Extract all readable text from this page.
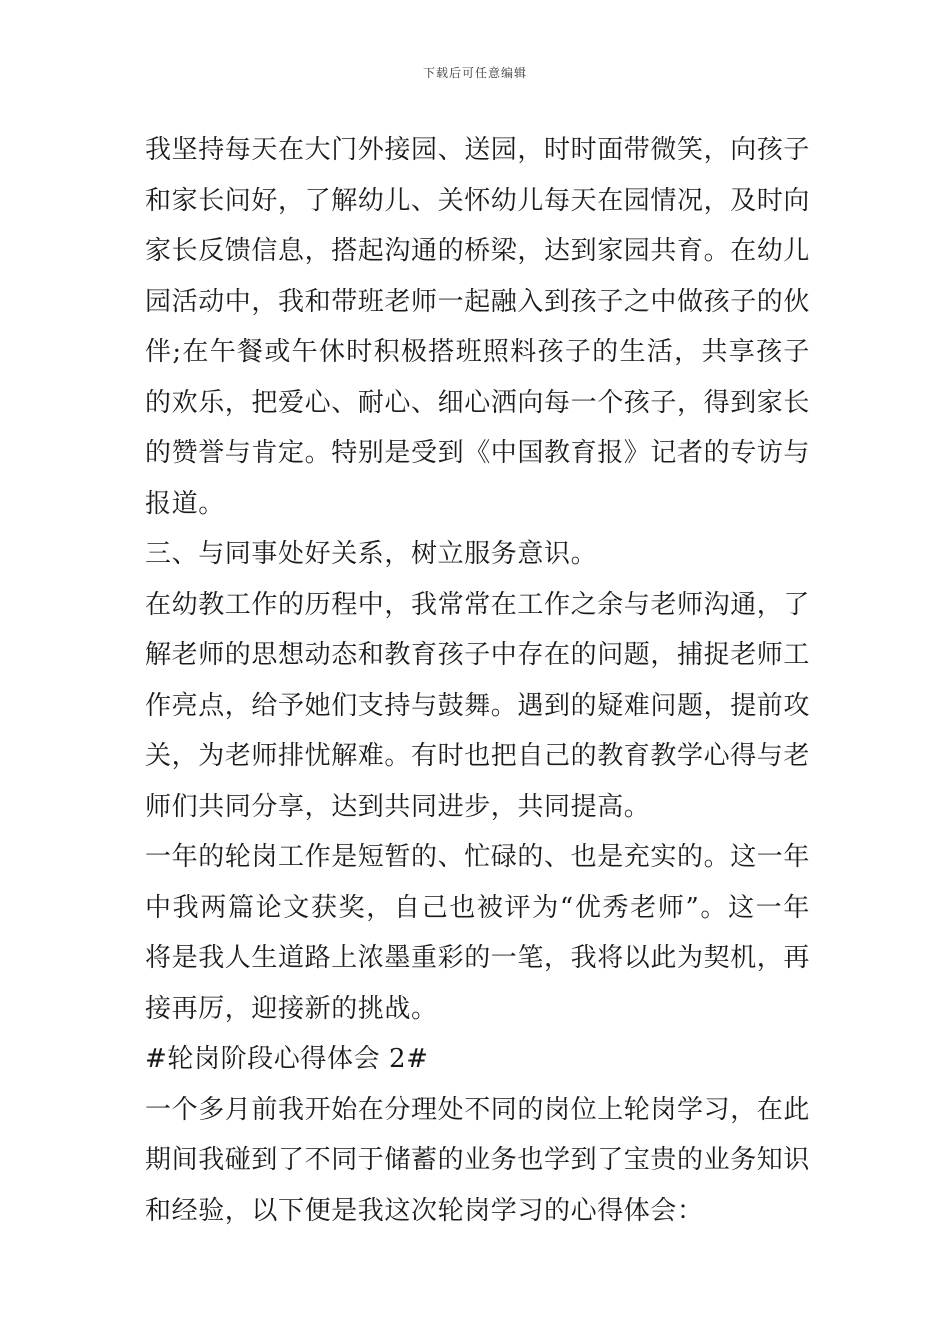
下载后可任意编辑

我坚持每天在大门外接园、送园，时时面带微笑，向孩子和家长问好，了解幼儿、关怀幼儿每天在园情况，及时向家长反馈信息，搭起沟通的桥梁，达到家园共育。在幼儿园活动中，我和带班老师一起融入到孩子之中做孩子的伙伴;在午餐或午休时积极搭班照料孩子的生活，共享孩子的欢乐，把爱心、耐心、细心洒向每一个孩子，得到家长的赞誉与肯定。特别是受到《中国教育报》记者的专访与报道。

三、与同事处好关系，树立服务意识。

在幼教工作的历程中，我常常在工作之余与老师沟通，了解老师的思想动态和教育孩子中存在的问题，捕捉老师工作亮点，给予她们支持与鼓舞。遇到的疑难问题，提前攻关，为老师排忧解难。有时也把自己的教育教学心得与老师们共同分享，达到共同进步，共同提高。

一年的轮岗工作是短暂的、忙碌的、也是充实的。这一年中我两篇论文获奖，自己也被评为“优秀老师”。这一年将是我人生道路上浓墨重彩的一笔，我将以此为契机，再接再厉，迎接新的挑战。

#轮岗阶段心得体会 2#

一个多月前我开始在分理处不同的岗位上轮岗学习，在此期间我碰到了不同于储蓄的业务也学到了宝贵的业务知识和经验，以下便是我这次轮岗学习的心得体会：
